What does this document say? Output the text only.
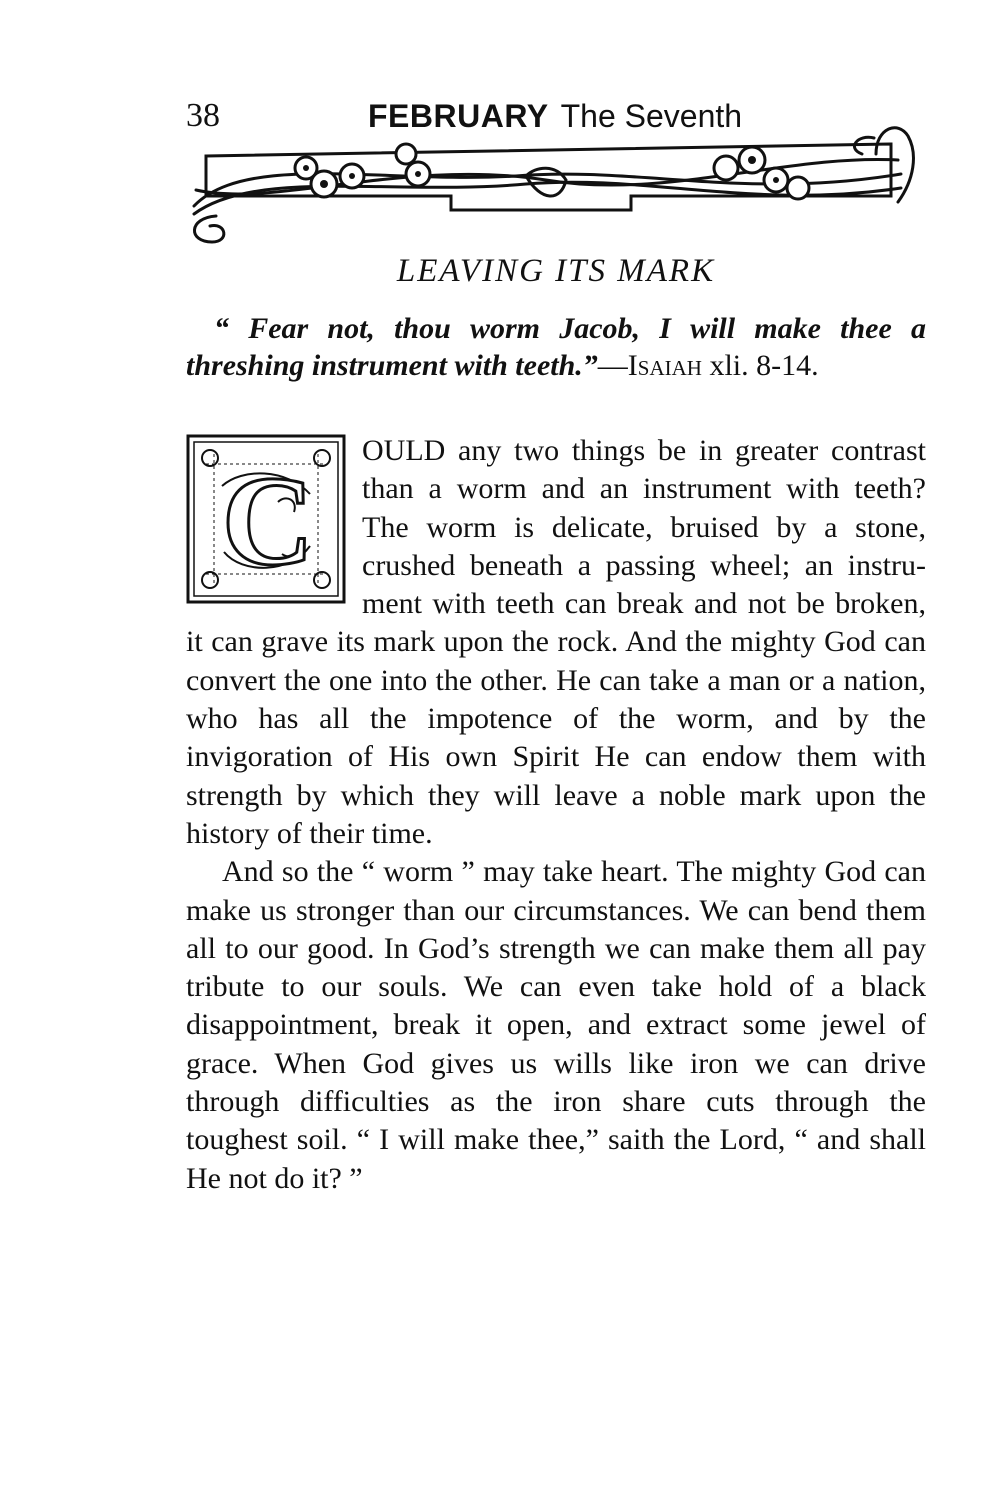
38	FEBRUARY The Seventh
LEAVING ITS MARK
“ Fear not, thou worm Jacob, I will make thee a threshing instrument with teeth.”—Isaiah xli. 8-14.

C OULD any two things be in greater contrast than a worm and an instrument with teeth? The worm is delicate, bruised by a stone, crushed beneath a passing wheel; an instrument with teeth can break and not be broken, it can grave its mark upon the rock. And the mighty God can convert the one into the other. He can take a man or a nation, who has all the impotence of the worm, and by the invigoration of His own Spirit He can endow them with strength by which they will leave a noble mark upon the history of their time.

And so the “ worm ” may take heart. The mighty God can make us stronger than our circumstances. We can bend them all to our good. In God’s strength we can make them all pay tribute to our souls. We can even take hold of a black disappointment, break it open, and extract some jewel of grace. When God gives us wills like iron we can drive through difficulties as the iron share cuts through the toughest soil. “ I will make thee,” saith the Lord, “ and shall He not do it? ”
